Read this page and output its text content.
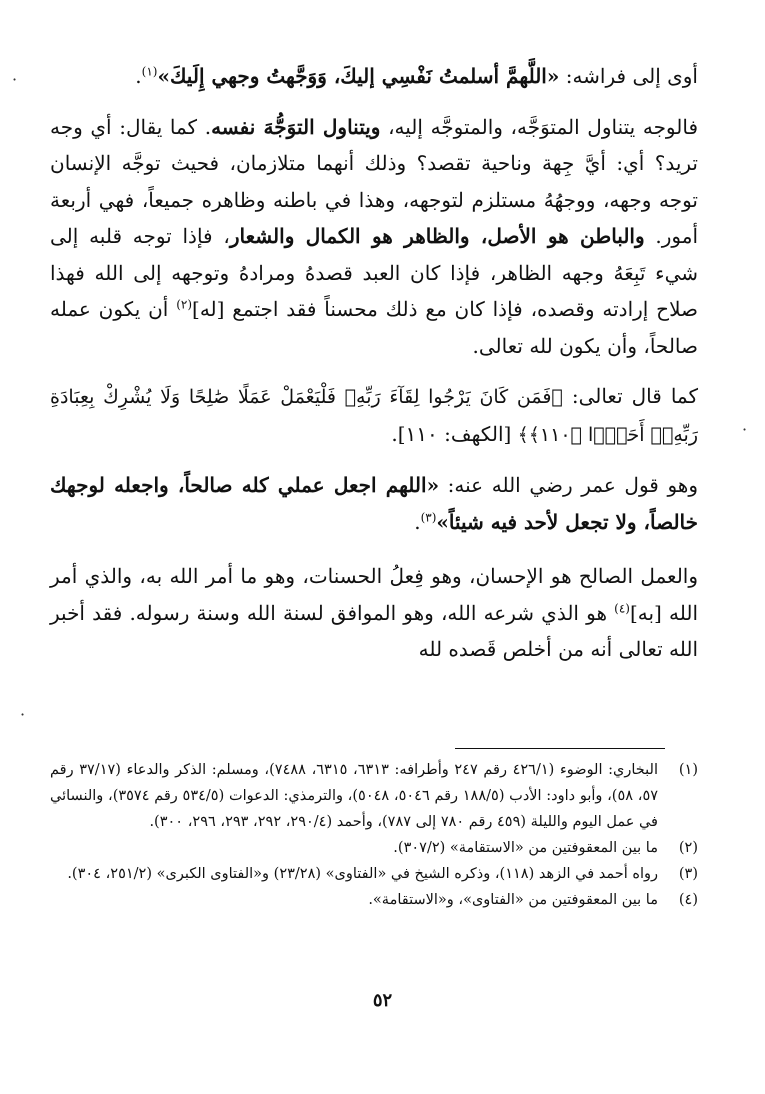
·
·
·

أوى إلى فراشه: «اللَّهمَّ أسلمتُ نَفْسِي إليكَ، وَوَجَّهتُ وجهي إِلَيكَ»$^{(١)}$.

فالوجه يتناول المتوَجَّه، والمتوجَّه إليه، ويتناول التوَجُّهَ نفسه. كما يقال: أي وجه تريد؟ أي: أيَّ جِهة وناحية تقصد؟ وذلك أنهما متلازمان، فحيث توجَّه الإنسان توجه وجهه، ووجهُهُ مستلزم لتوجهه، وهذا في باطنه وظاهره جميعاً، فهي أربعة أمور. والباطن هو الأصل، والظاهر هو الكمال والشعار، فإذا توجه قلبه إلى شيء تَبِعَهُ وجهه الظاهر، فإذا كان العبد قصدهُ ومرادهُ وتوجهه إلى الله فهذا صلاح إرادته وقصده، فإذا كان مع ذلك محسناً فقد اجتمع [له]$^{(٢)}$ أن يكون عمله صالحاً، وأن يكون لله تعالى.

كما قال تعالى: ﴿فَمَن كَانَ يَرْجُوا لِقَآءَ رَبِّهِۦ فَلْيَعْمَلْ عَمَلًا صَٰلِحًا وَلَا يُشْرِكْ بِعِبَادَةِ رَبِّهِۦٓ أَحَدًۢا ﴿١١٠﴾﴾ [الكهف: ١١٠].

وهو قول عمر رضي الله عنه: «اللهم اجعل عملي كله صالحاً، واجعله لوجهك خالصاً، ولا تجعل لأحد فيه شيئاً»$^{(٣)}$.

والعمل الصالح هو الإحسان، وهو فِعلُ الحسنات، وهو ما أمر الله به، والذي أمر الله [به]$^{(٤)}$ هو الذي شرعه الله، وهو الموافق لسنة الله وسنة رسوله. فقد أخبر الله تعالى أنه من أخلص قَصده لله

(١)
البخاري: الوضوء (٤٢٦/١ رقم ٢٤٧ وأطرافه: ٦٣١٣، ٦٣١٥، ٧٤٨٨)، ومسلم: الذكر والدعاء (٣٧/١٧ رقم ٥٧، ٥٨)، وأبو داود: الأدب (١٨٨/٥ رقم ٥٠٤٦، ٥٠٤٨)، والترمذي: الدعوات (٥٣٤/٥ رقم ٣٥٧٤)، والنسائي في عمل اليوم والليلة (٤٥٩ رقم ٧٨٠ إلى ٧٨٧)، وأحمد (٢٩٠/٤، ٢٩٢، ٢٩٣، ٢٩٦، ٣٠٠).
(٢)
ما بين المعقوفتين من «الاستقامة» (٣٠٧/٢).
(٣)
رواه أحمد في الزهد (١١٨)، وذكره الشيخ في «الفتاوى» (٢٣/٢٨) و«الفتاوى الكبرى» (٢٥١/٢، ٣٠٤).
(٤)
ما بين المعقوفتين من «الفتاوى»، و«الاستقامة».
٥٢
